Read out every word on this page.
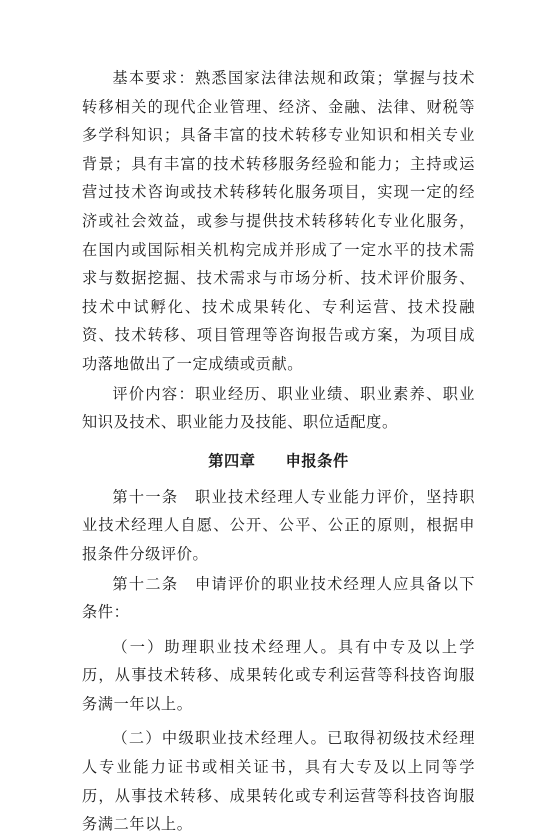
基本要求：熟悉国家法律法规和政策；掌握与技术转移相关的现代企业管理、经济、金融、法律、财税等多学科知识；具备丰富的技术转移专业知识和相关专业背景；具有丰富的技术转移服务经验和能力；主持或运营过技术咨询或技术转移转化服务项目，实现一定的经济或社会效益，或参与提供技术转移转化专业化服务，在国内或国际相关机构完成并形成了一定水平的技术需求与数据挖掘、技术需求与市场分析、技术评价服务、技术中试孵化、技术成果转化、专利运营、技术投融资、技术转移、项目管理等咨询报告或方案，为项目成功落地做出了一定成绩或贡献。

评价内容：职业经历、职业业绩、职业素养、职业知识及技术、职业能力及技能、职位适配度。

第四章 申报条件

第十一条　职业技术经理人专业能力评价，坚持职业技术经理人自愿、公开、公平、公正的原则，根据申报条件分级评价。

第十二条　申请评价的职业技术经理人应具备以下条件：

（一）助理职业技术经理人。具有中专及以上学历，从事技术转移、成果转化或专利运营等科技咨询服务满一年以上。

（二）中级职业技术经理人。已取得初级技术经理人专业能力证书或相关证书，具有大专及以上同等学历，从事技术转移、成果转化或专利运营等科技咨询服务满二年以上。
